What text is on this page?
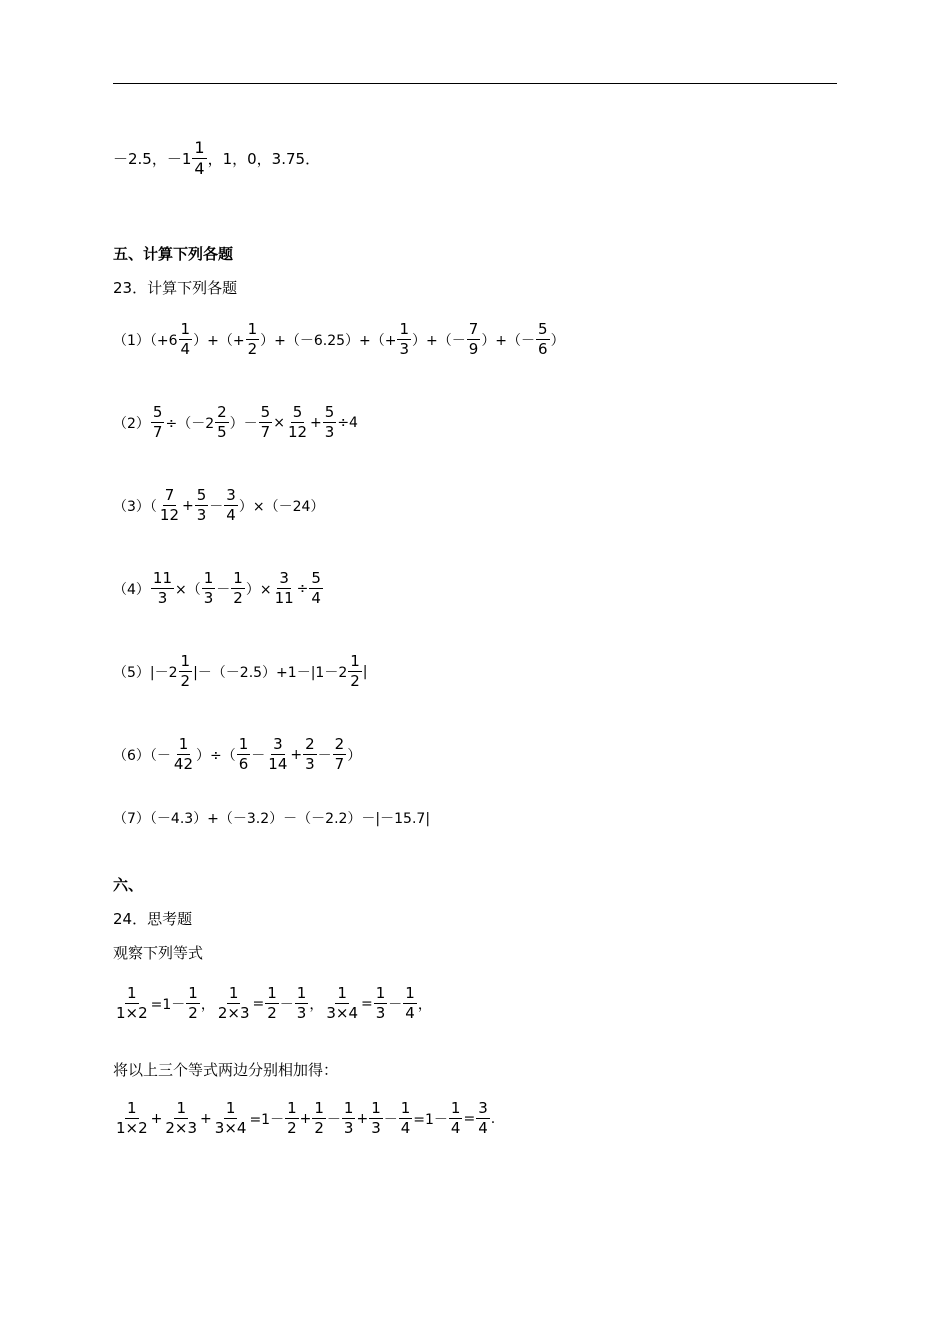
－2.5，$-1 \frac{1}{4}$ ，1，0，3.75．
五、计算下列各题
23．计算下列各题
$(1)(+6 \frac{1}{4}$ ）+（+ $\frac{1}{2} )+(-6.25)+(+ \frac{1}{3}$ ）+（－ $\frac{7}{9}$ ）+（－ $\frac{5}{6}$ ）
$(2) \frac{5}{7} \div(-2 \frac{2}{5}$ ）－ $\frac{5}{7} \times \frac{5}{12} + \frac{5}{3} \div 4$
$(3)( \frac{7}{12} + \frac{5}{3} - \frac{3}{4} )\times(-24)$
$(4) \frac{11}{3}$ ×（ $\frac{1}{3} - \frac{1}{2}$ ）× $\frac{3}{11} \div \frac{5}{4}$
$(5)|-2 \frac{1}{2} |-(-2.5)+1-|1-2 \frac{1}{2}$ |
$(6)(- \frac{1}{42}$ ）÷（ $\frac{1}{6} - \frac{3}{14} + \frac{2}{3} - \frac{2}{7}$ ）
（7）（－4.3）+（－3.2）－（－2.2）－|－15.7|
六、
24．思考题
观察下列等式
$\frac{1}{1\times 2} =1- \frac{1}{2}$ ， $\frac{1}{2\times 3} = \frac{1}{2} - \frac{1}{3}$ ， $\frac{1}{3\times 4} = \frac{1}{3} - \frac{1}{4}$ ，
将以上三个等式两边分别相加得：
$\frac{1}{1\times 2} + \frac{1}{2\times 3} + \frac{1}{3\times 4} =1- \frac{1}{2} + \frac{1}{2} - \frac{1}{3} + \frac{1}{3} - \frac{1}{4} =1- \frac{1}{4} = \frac{3}{4}$ .
